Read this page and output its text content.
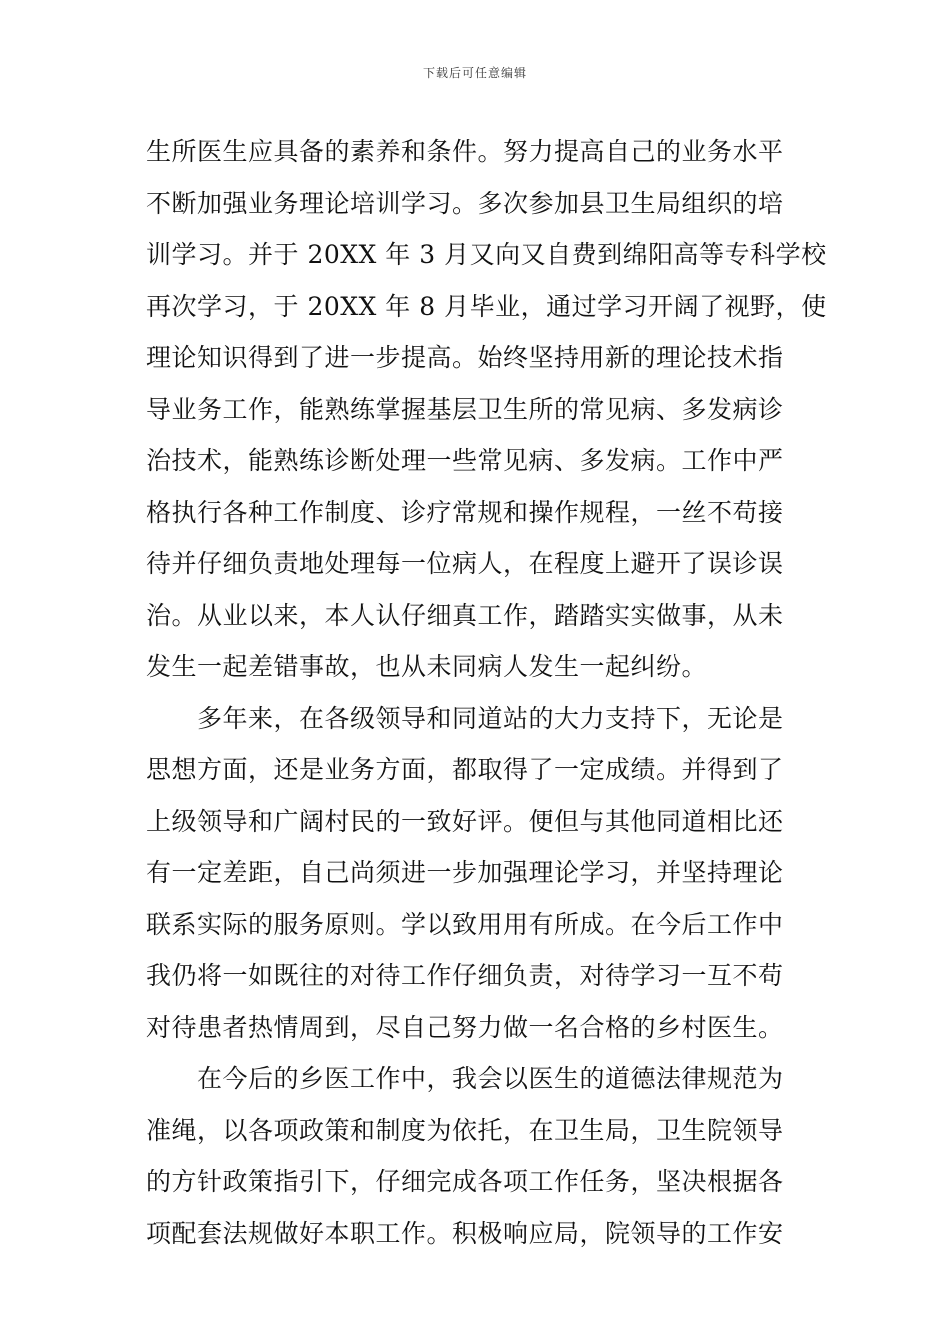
下载后可任意编辑
生所医生应具备的素养和条件。努力提高自己的业务水平
不断加强业务理论培训学习。多次参加县卫生局组织的培
训学习。并于 20XX 年 3 月又向又自费到绵阳高等专科学校
再次学习，于 20XX 年 8 月毕业，通过学习开阔了视野，使
理论知识得到了进一步提高。始终坚持用新的理论技术指
导业务工作，能熟练掌握基层卫生所的常见病、多发病诊
治技术，能熟练诊断处理一些常见病、多发病。工作中严
格执行各种工作制度、诊疗常规和操作规程，一丝不苟接
待并仔细负责地处理每一位病人，在程度上避开了误诊误
治。从业以来，本人认仔细真工作，踏踏实实做事，从未
发生一起差错事故，也从未同病人发生一起纠纷。
　　多年来，在各级领导和同道站的大力支持下，无论是
思想方面，还是业务方面，都取得了一定成绩。并得到了
上级领导和广阔村民的一致好评。便但与其他同道相比还
有一定差距，自己尚须进一步加强理论学习，并坚持理论
联系实际的服务原则。学以致用用有所成。在今后工作中
我仍将一如既往的对待工作仔细负责，对待学习一互不苟
对待患者热情周到，尽自己努力做一名合格的乡村医生。
　　在今后的乡医工作中，我会以医生的道德法律规范为
准绳，以各项政策和制度为依托，在卫生局，卫生院领导
的方针政策指引下，仔细完成各项工作任务，坚决根据各
项配套法规做好本职工作。积极响应局，院领导的工作安
